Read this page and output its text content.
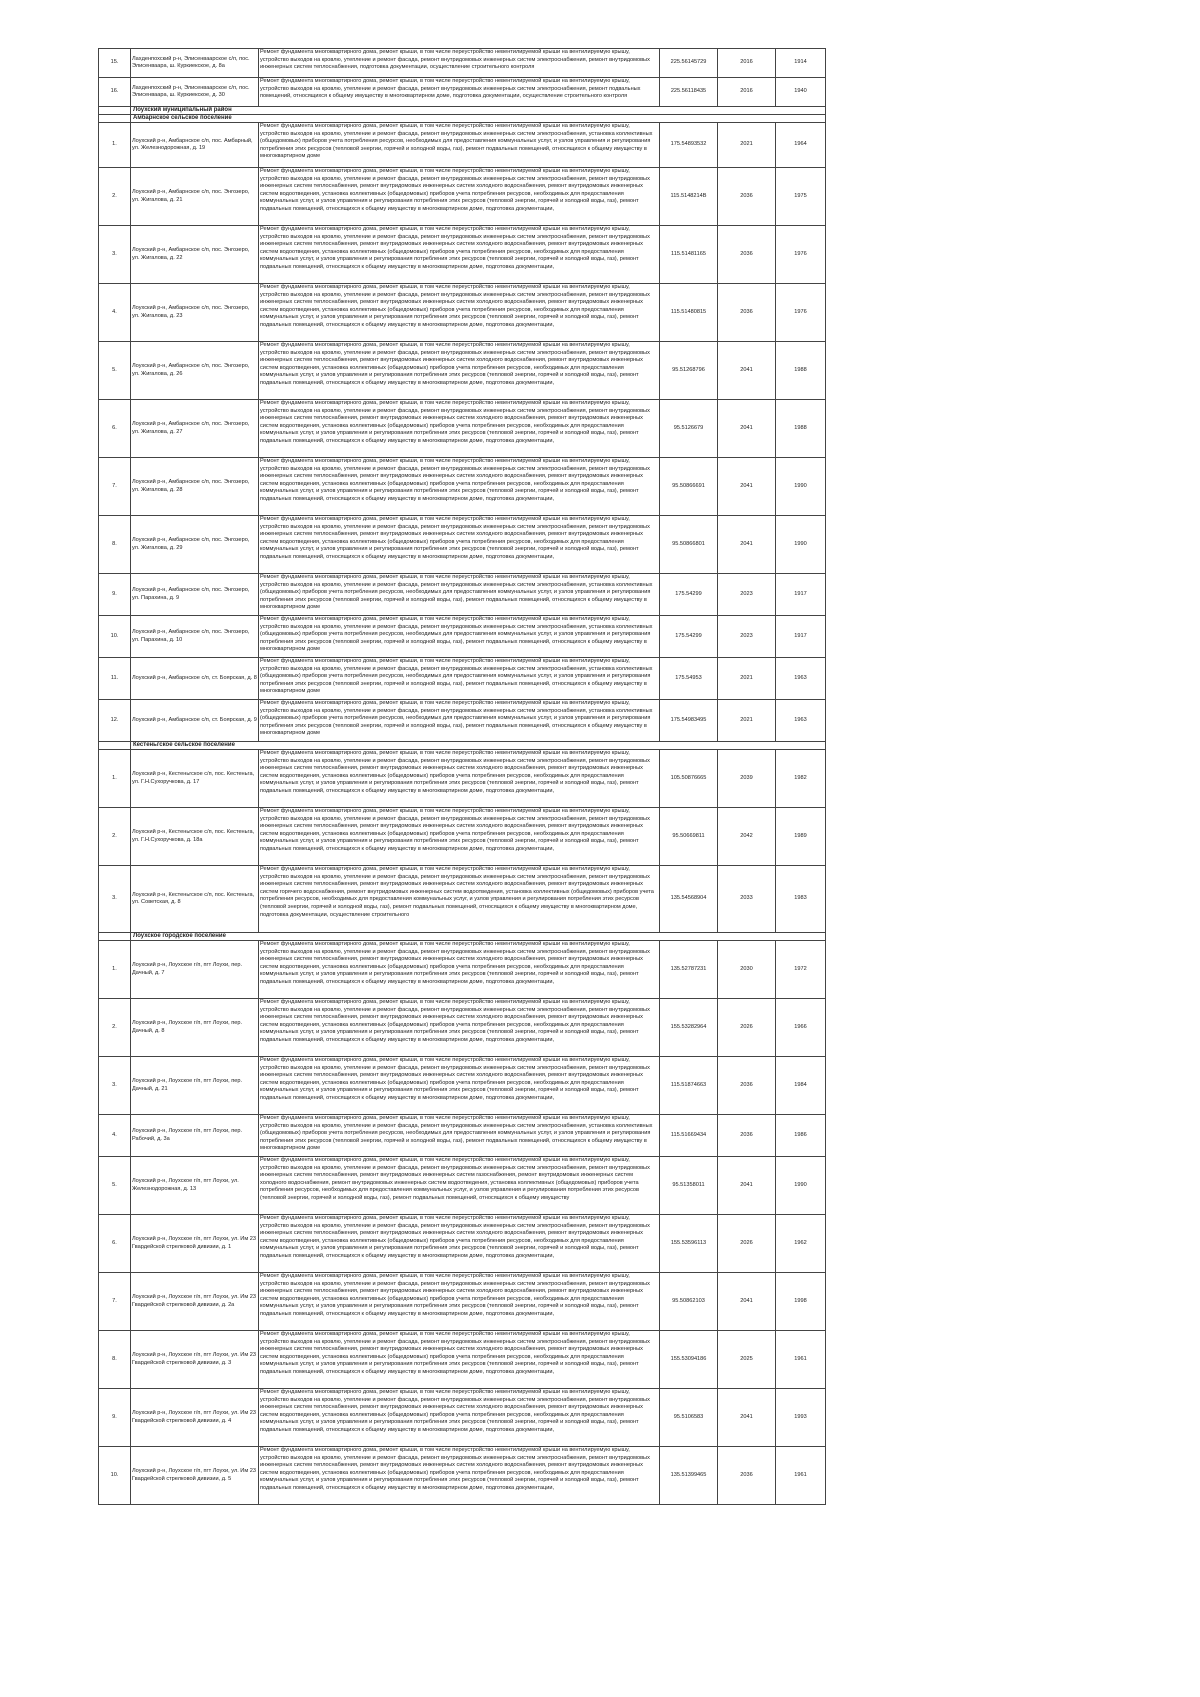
15.	Лахденпохский р-н, Элисенваарское с/п, пос. Элисенваара, ш. Куркиекское, д. 8а	Ремонт фундамента многоквартирного дома, ремонт крыши, в том числе переустройство невентилируемой крыши на вентилируемую крышу, устройство выходов на кровлю, утепление и ремонт фасада, ремонт внутридомовых инженерных систем электроснабжения, ремонт внутридомовых инженерных систем теплоснабжения, подготовка документации, осуществление строительного контроля	225.56145729	2016	1914
16.	Лахденпохский р-н, Элисенваарское с/п, пос. Элисенваара, ш. Куркиекское, д. 30	Ремонт фундамента многоквартирного дома, ремонт крыши, в том числе переустройство невентилируемой крыши на вентилируемую крышу, устройство выходов на кровлю, утепление и ремонт фасада, ремонт внутридомовых инженерных систем электроснабжения, ремонт подвальных помещений, относящихся к общему имуществу в многоквартирном доме, подготовка документации, осуществление строительного контроля	225.56118435	2016	1940
	Лоухский муниципальный район				
	Амбарнское сельское поселение				
1.	Лоухский р-н, Амбарнское с/п, пос. Амбарный, ул. Железнодорожная, д. 19	Ремонт фундамента многоквартирного дома, ремонт крыши, в том числе переустройство невентилируемой крыши на вентилируемую крышу, устройство выходов на кровлю, утепление и ремонт фасада, ремонт внутридомовых инженерных систем электроснабжения, установка коллективных (общедомовых) приборов учета потребления ресурсов, необходимых для предоставления коммунальных услуг, и узлов управления и регулирования потребления этих ресурсов (тепловой энергии, горячей и холодной воды, газ), ремонт подвальных помещений, относящихся к общему имуществу в многоквартирном доме	175.54893532	2021	1964
2.	Лоухский р-н, Амбарнское с/п, пос. Энгозеро, ул. Жигалова, д. 21	Ремонт фундамента многоквартирного дома, ремонт крыши, в том числе переустройство невентилируемой крыши на вентилируемую крышу, устройство выходов на кровлю, утепление и ремонт фасада, ремонт внутридомовых инженерных систем электроснабжения, ремонт внутридомовых инженерных систем теплоснабжения, ремонт внутридомовых инженерных систем холодного водоснабжения, ремонт внутридомовых инженерных систем водоотведения, установка коллективных (общедомовых) приборов учета потребления ресурсов, необходимых для предоставления коммунальных услуг, и узлов управления и регулирования потребления этих ресурсов (тепловой энергии, горячей и холодной воды, газ), ремонт подвальных помещений, относящихся к общему имуществу в многоквартирном доме, подготовка документации,	115.5148214В	2036	1975
3.	Лоухский р-н, Амбарнское с/п, пос. Энгозеро, ул. Жигалова, д. 22	Ремонт фундамента многоквартирного дома, ремонт крыши, в том числе переустройство невентилируемой крыши на вентилируемую крышу, устройство выходов на кровлю, утепление и ремонт фасада, ремонт внутридомовых инженерных систем электроснабжения, ремонт внутридомовых инженерных систем теплоснабжения, ремонт внутридомовых инженерных систем холодного водоснабжения, ремонт внутридомовых инженерных систем водоотведения, установка коллективных (общедомовых) приборов учета потребления ресурсов, необходимых для предоставления коммунальных услуг, и узлов управления и регулирования потребления этих ресурсов (тепловой энергии, горячей и холодной воды, газ), ремонт подвальных помещений, относящихся к общему имуществу в многоквартирном доме, подготовка документации,	115.51481165	2036	1976
4.	Лоухский р-н, Амбарнское с/п, пос. Энгозеро, ул. Жигалова, д. 23	Ремонт фундамента многоквартирного дома, ремонт крыши, в том числе переустройство невентилируемой крыши на вентилируемую крышу, устройство выходов на кровлю, утепление и ремонт фасада, ремонт внутридомовых инженерных систем электроснабжения, ремонт внутридомовых инженерных систем теплоснабжения, ремонт внутридомовых инженерных систем холодного водоснабжения, ремонт внутридомовых инженерных систем водоотведения, установка коллективных (общедомовых) приборов учета потребления ресурсов, необходимых для предоставления коммунальных услуг, и узлов управления и регулирования потребления этих ресурсов (тепловой энергии, горячей и холодной воды, газ), ремонт подвальных помещений, относящихся к общему имуществу в многоквартирном доме, подготовка документации,	115.51480815	2036	1976
5.	Лоухский р-н, Амбарнское с/п, пос. Энгозеро, ул. Жигалова, д. 26	Ремонт фундамента многоквартирного дома, ремонт крыши, в том числе переустройство невентилируемой крыши на вентилируемую крышу, устройство выходов на кровлю, утепление и ремонт фасада, ремонт внутридомовых инженерных систем электроснабжения, ремонт внутридомовых инженерных систем теплоснабжения, ремонт внутридомовых инженерных систем холодного водоснабжения, ремонт внутридомовых инженерных систем водоотведения, установка коллективных (общедомовых) приборов учета потребления ресурсов, необходимых для предоставления коммунальных услуг, и узлов управления и регулирования потребления этих ресурсов (тепловой энергии, горячей и холодной воды, газ), ремонт подвальных помещений, относящихся к общему имуществу в многоквартирном доме, подготовка документации,	95.51268796	2041	1988
6.	Лоухский р-н, Амбарнское с/п, пос. Энгозеро, ул. Жигалова, д. 27	Ремонт фундамента многоквартирного дома, ремонт крыши, в том числе переустройство невентилируемой крыши на вентилируемую крышу, устройство выходов на кровлю, утепление и ремонт фасада, ремонт внутридомовых инженерных систем электроснабжения, ремонт внутридомовых инженерных систем теплоснабжения, ремонт внутридомовых инженерных систем холодного водоснабжения, ремонт внутридомовых инженерных систем водоотведения, установка коллективных (общедомовых) приборов учета потребления ресурсов, необходимых для предоставления коммунальных услуг, и узлов управления и регулирования потребления этих ресурсов (тепловой энергии, горячей и холодной воды, газ), ремонт подвальных помещений, относящихся к общему имуществу в многоквартирном доме, подготовка документации,	95.5126679	2041	1988
7.	Лоухский р-н, Амбарнское с/п, пос. Энгозеро, ул. Жигалова, д. 28	Ремонт фундамента многоквартирного дома, ремонт крыши, в том числе переустройство невентилируемой крыши на вентилируемую крышу, устройство выходов на кровлю, утепление и ремонт фасада, ремонт внутридомовых инженерных систем электроснабжения, ремонт внутридомовых инженерных систем теплоснабжения, ремонт внутридомовых инженерных систем холодного водоснабжения, ремонт внутридомовых инженерных систем водоотведения, установка коллективных (общедомовых) приборов учета потребления ресурсов, необходимых для предоставления коммунальных услуг, и узлов управления и регулирования потребления этих ресурсов (тепловой энергии, горячей и холодной воды, газ), ремонт подвальных помещений, относящихся к общему имуществу в многоквартирном доме, подготовка документации,	95.50866691	2041	1990
8.	Лоухский р-н, Амбарнское с/п, пос. Энгозеро, ул. Жигалова, д. 29	Ремонт фундамента многоквартирного дома, ремонт крыши, в том числе переустройство невентилируемой крыши на вентилируемую крышу, устройство выходов на кровлю, утепление и ремонт фасада, ремонт внутридомовых инженерных систем электроснабжения, ремонт внутридомовых инженерных систем теплоснабжения, ремонт внутридомовых инженерных систем холодного водоснабжения, ремонт внутридомовых инженерных систем водоотведения, установка коллективных (общедомовых) приборов учета потребления ресурсов, необходимых для предоставления коммунальных услуг, и узлов управления и регулирования потребления этих ресурсов (тепловой энергии, горячей и холодной воды, газ), ремонт подвальных помещений, относящихся к общему имуществу в многоквартирном доме, подготовка документации,	95.50866801	2041	1990
9.	Лоухский р-н, Амбарнское с/п, пос. Энгозеро, ул. Парахина, д. 9	Ремонт фундамента многоквартирного дома, ремонт крыши, в том числе переустройство невентилируемой крыши на вентилируемую крышу, устройство выходов на кровлю, утепление и ремонт фасада, ремонт внутридомовых инженерных систем электроснабжения, установка коллективных (общедомовых) приборов учета потребления ресурсов, необходимых для предоставления коммунальных услуг, и узлов управления и регулирования потребления этих ресурсов (тепловой энергии, горячей и холодной воды, газ), ремонт подвальных помещений, относящихся к общему имуществу в многоквартирном доме	175.54299	2023	1917
10.	Лоухский р-н, Амбарнское с/п, пос. Энгозеро, ул. Парахина, д. 10	Ремонт фундамента многоквартирного дома, ремонт крыши, в том числе переустройство невентилируемой крыши на вентилируемую крышу, устройство выходов на кровлю, утепление и ремонт фасада, ремонт внутридомовых инженерных систем электроснабжения, установка коллективных (общедомовых) приборов учета потребления ресурсов, необходимых для предоставления коммунальных услуг, и узлов управления и регулирования потребления этих ресурсов (тепловой энергии, горячей и холодной воды, газ), ремонт подвальных помещений, относящихся к общему имуществу в многоквартирном доме	175.54299	2023	1917
11.	Лоухский р-н, Амбарнское с/п, ст. Боярская, д. 8	Ремонт фундамента многоквартирного дома, ремонт крыши, в том числе переустройство невентилируемой крыши на вентилируемую крышу, устройство выходов на кровлю, утепление и ремонт фасада, ремонт внутридомовых инженерных систем электроснабжения, установка коллективных (общедомовых) приборов учета потребления ресурсов, необходимых для предоставления коммунальных услуг, и узлов управления и регулирования потребления этих ресурсов (тепловой энергии, горячей и холодной воды, газ), ремонт подвальных помещений, относящихся к общему имуществу в многоквартирном доме	175.54953	2021	1963
12.	Лоухский р-н, Амбарнское с/п, ст. Боярская, д. 9	Ремонт фундамента многоквартирного дома, ремонт крыши, в том числе переустройство невентилируемой крыши на вентилируемую крышу, устройство выходов на кровлю, утепление и ремонт фасада, ремонт внутридомовых инженерных систем электроснабжения, установка коллективных (общедомовых) приборов учета потребления ресурсов, необходимых для предоставления коммунальных услуг, и узлов управления и регулирования потребления этих ресурсов (тепловой энергии, горячей и холодной воды, газ), ремонт подвальных помещений, относящихся к общему имуществу в многоквартирном доме	175.54983495	2021	1963
	Кестеньгское сельское поселение				
1.	Лоухский р-н, Кестеньгское с/п, пос. Кестеньга, ул. Г.Н.Сухоручкова, д. 17	Ремонт фундамента многоквартирного дома, ремонт крыши, в том числе переустройство невентилируемой крыши на вентилируемую крышу, устройство выходов на кровлю, утепление и ремонт фасада, ремонт внутридомовых инженерных систем электроснабжения, ремонт внутридомовых инженерных систем теплоснабжения, ремонт внутридомовых инженерных систем холодного водоснабжения, ремонт внутридомовых инженерных систем водоотведения, установка коллективных (общедомовых) приборов учета потребления ресурсов, необходимых для предоставления коммунальных услуг, и узлов управления и регулирования потребления этих ресурсов (тепловой энергии, горячей и холодной воды, газ), ремонт подвальных помещений, относящихся к общему имуществу в многоквартирном доме, подготовка документации,	105.50876665	2039	1982
2.	Лоухский р-н, Кестеньгское с/п, пос. Кестеньга, ул. Г.Н.Сухоручкова, д. 18а	Ремонт фундамента многоквартирного дома, ремонт крыши, в том числе переустройство невентилируемой крыши на вентилируемую крышу, устройство выходов на кровлю, утепление и ремонт фасада, ремонт внутридомовых инженерных систем электроснабжения, ремонт внутридомовых инженерных систем теплоснабжения, ремонт внутридомовых инженерных систем холодного водоснабжения, ремонт внутридомовых инженерных систем водоотведения, установка коллективных (общедомовых) приборов учета потребления ресурсов, необходимых для предоставления коммунальных услуг, и узлов управления и регулирования потребления этих ресурсов (тепловой энергии, горячей и холодной воды, газ), ремонт подвальных помещений, относящихся к общему имуществу в многоквартирном доме, подготовка документации,	95.50669811	2042	1989
3.	Лоухский р-н, Кестеньгское с/п, пос. Кестеньга, ул. Советская, д. 8	Ремонт фундамента многоквартирного дома, ремонт крыши, в том числе переустройство невентилируемой крыши на вентилируемую крышу, устройство выходов на кровлю, утепление и ремонт фасада, ремонт внутридомовых инженерных систем электроснабжения, ремонт внутридомовых инженерных систем теплоснабжения, ремонт внутридомовых инженерных систем холодного водоснабжения, ремонт внутридомовых инженерных систем горячего водоснабжения, ремонт внутридомовых инженерных систем водоотведения, установка коллективных (общедомовых) приборов учета потребления ресурсов, необходимых для предоставления коммунальных услуг, и узлов управления и регулирования потребления этих ресурсов (тепловой энергии, горячей и холодной воды, газ), ремонт подвальных помещений, относящихся к общему имуществу в многоквартирном доме, подготовка документации, осуществление строительного	135.54568904	2033	1983
	Лоухское городское поселение				
1.	Лоухский р-н, Лоухское г/п, пгт Лоухи, пер. Дачный, д. 7	Ремонт фундамента многоквартирного дома, ремонт крыши, в том числе переустройство невентилируемой крыши на вентилируемую крышу, устройство выходов на кровлю, утепление и ремонт фасада, ремонт внутридомовых инженерных систем электроснабжения, ремонт внутридомовых инженерных систем теплоснабжения, ремонт внутридомовых инженерных систем холодного водоснабжения, ремонт внутридомовых инженерных систем водоотведения, установка коллективных (общедомовых) приборов учета потребления ресурсов, необходимых для предоставления коммунальных услуг, и узлов управления и регулирования потребления этих ресурсов (тепловой энергии, горячей и холодной воды, газ), ремонт подвальных помещений, относящихся к общему имуществу в многоквартирном доме, подготовка документации,	135.52787231	2030	1972
2.	Лоухский р-н, Лоухское г/п, пгт Лоухи, пер. Дачный, д. 8	Ремонт фундамента многоквартирного дома, ремонт крыши, в том числе переустройство невентилируемой крыши на вентилируемую крышу, устройство выходов на кровлю, утепление и ремонт фасада, ремонт внутридомовых инженерных систем электроснабжения, ремонт внутридомовых инженерных систем теплоснабжения, ремонт внутридомовых инженерных систем холодного водоснабжения, ремонт внутридомовых инженерных систем водоотведения, установка коллективных (общедомовых) приборов учета потребления ресурсов, необходимых для предоставления коммунальных услуг, и узлов управления и регулирования потребления этих ресурсов (тепловой энергии, горячей и холодной воды, газ), ремонт подвальных помещений, относящихся к общему имуществу в многоквартирном доме, подготовка документации,	155.53282964	2026	1966
3.	Лоухский р-н, Лоухское г/п, пгт Лоухи, пер. Дачный, д. 21	Ремонт фундамента многоквартирного дома, ремонт крыши, в том числе переустройство невентилируемой крыши на вентилируемую крышу, устройство выходов на кровлю, утепление и ремонт фасада, ремонт внутридомовых инженерных систем электроснабжения, ремонт внутридомовых инженерных систем теплоснабжения, ремонт внутридомовых инженерных систем холодного водоснабжения, ремонт внутридомовых инженерных систем водоотведения, установка коллективных (общедомовых) приборов учета потребления ресурсов, необходимых для предоставления коммунальных услуг, и узлов управления и регулирования потребления этих ресурсов (тепловой энергии, горячей и холодной воды, газ), ремонт подвальных помещений, относящихся к общему имуществу в многоквартирном доме, подготовка документации,	115.51874663	2036	1984
4.	Лоухский р-н, Лоухское г/п, пгт Лоухи, пер. Рабочий, д. 3а	Ремонт фундамента многоквартирного дома, ремонт крыши, в том числе переустройство невентилируемой крыши на вентилируемую крышу, устройство выходов на кровлю, утепление и ремонт фасада, ремонт внутридомовых инженерных систем электроснабжения, установка коллективных (общедомовых) приборов учета потребления ресурсов, необходимых для предоставления коммунальных услуг, и узлов управления и регулирования потребления этих ресурсов (тепловой энергии, горячей и холодной воды, газ), ремонт подвальных помещений, относящихся к общему имуществу в многоквартирном доме	115.51669434	2036	1986
5.	Лоухский р-н, Лоухское г/п, пгт Лоухи, ул. Железнодорожная, д. 13	Ремонт фундамента многоквартирного дома, ремонт крыши, в том числе переустройство невентилируемой крыши на вентилируемую крышу, устройство выходов на кровлю, утепление и ремонт фасада, ремонт внутридомовых инженерных систем электроснабжения, ремонт внутридомовых инженерных систем теплоснабжения, ремонт внутридомовых инженерных систем газоснабжения, ремонт внутридомовых инженерных систем холодного водоснабжения, ремонт внутридомовых инженерных систем водоотведения, установка коллективных (общедомовых) приборов учета потребления ресурсов, необходимых для предоставления коммунальных услуг, и узлов управления и регулирования потребления этих ресурсов (тепловой энергии, горячей и холодной воды, газ), ремонт подвальных помещений, относящихся к общему имуществу	95.51358011	2041	1990
6.	Лоухский р-н, Лоухское г/п, пгт Лоухи, ул. Им 23 Гвардейской стрелковой дивизии, д. 1	Ремонт фундамента многоквартирного дома, ремонт крыши, в том числе переустройство невентилируемой крыши на вентилируемую крышу, устройство выходов на кровлю, утепление и ремонт фасада, ремонт внутридомовых инженерных систем электроснабжения, ремонт внутридомовых инженерных систем теплоснабжения, ремонт внутридомовых инженерных систем холодного водоснабжения, ремонт внутридомовых инженерных систем водоотведения, установка коллективных (общедомовых) приборов учета потребления ресурсов, необходимых для предоставления коммунальных услуг, и узлов управления и регулирования потребления этих ресурсов (тепловой энергии, горячей и холодной воды, газ), ремонт подвальных помещений, относящихся к общему имуществу в многоквартирном доме, подготовка документации,	155.53596113	2026	1962
7.	Лоухский р-н, Лоухское г/п, пгт Лоухи, ул. Им 23 Гвардейской стрелковой дивизии, д. 2а	Ремонт фундамента многоквартирного дома, ремонт крыши, в том числе переустройство невентилируемой крыши на вентилируемую крышу, устройство выходов на кровлю, утепление и ремонт фасада, ремонт внутридомовых инженерных систем электроснабжения, ремонт внутридомовых инженерных систем теплоснабжения, ремонт внутридомовых инженерных систем холодного водоснабжения, ремонт внутридомовых инженерных систем водоотведения, установка коллективных (общедомовых) приборов учета потребления ресурсов, необходимых для предоставления коммунальных услуг, и узлов управления и регулирования потребления этих ресурсов (тепловой энергии, горячей и холодной воды, газ), ремонт подвальных помещений, относящихся к общему имуществу в многоквартирном доме, подготовка документации,	95.50862103	2041	1998
8.	Лоухский р-н, Лоухское г/п, пгт Лоухи, ул. Им 23 Гвардейской стрелковой дивизии, д. 3	Ремонт фундамента многоквартирного дома, ремонт крыши, в том числе переустройство невентилируемой крыши на вентилируемую крышу, устройство выходов на кровлю, утепление и ремонт фасада, ремонт внутридомовых инженерных систем электроснабжения, ремонт внутридомовых инженерных систем теплоснабжения, ремонт внутридомовых инженерных систем холодного водоснабжения, ремонт внутридомовых инженерных систем водоотведения, установка коллективных (общедомовых) приборов учета потребления ресурсов, необходимых для предоставления коммунальных услуг, и узлов управления и регулирования потребления этих ресурсов (тепловой энергии, горячей и холодной воды, газ), ремонт подвальных помещений, относящихся к общему имуществу в многоквартирном доме, подготовка документации,	155.53094186	2025	1961
9.	Лоухский р-н, Лоухское г/п, пгт Лоухи, ул. Им 23 Гвардейской стрелковой дивизии, д. 4	Ремонт фундамента многоквартирного дома, ремонт крыши, в том числе переустройство невентилируемой крыши на вентилируемую крышу, устройство выходов на кровлю, утепление и ремонт фасада, ремонт внутридомовых инженерных систем электроснабжения, ремонт внутридомовых инженерных систем теплоснабжения, ремонт внутридомовых инженерных систем холодного водоснабжения, ремонт внутридомовых инженерных систем водоотведения, установка коллективных (общедомовых) приборов учета потребления ресурсов, необходимых для предоставления коммунальных услуг, и узлов управления и регулирования потребления этих ресурсов (тепловой энергии, горячей и холодной воды, газ), ремонт подвальных помещений, относящихся к общему имуществу в многоквартирном доме, подготовка документации,	95.5106583	2041	1993
10.	Лоухский р-н, Лоухское г/п, пгт Лоухи, ул. Им 23 Гвардейской стрелковой дивизии, д. 5	Ремонт фундамента многоквартирного дома, ремонт крыши, в том числе переустройство невентилируемой крыши на вентилируемую крышу, устройство выходов на кровлю, утепление и ремонт фасада, ремонт внутридомовых инженерных систем электроснабжения, ремонт внутридомовых инженерных систем теплоснабжения, ремонт внутридомовых инженерных систем холодного водоснабжения, ремонт внутридомовых инженерных систем водоотведения, установка коллективных (общедомовых) приборов учета потребления ресурсов, необходимых для предоставления коммунальных услуг, и узлов управления и регулирования потребления этих ресурсов (тепловой энергии, горячей и холодной воды, газ), ремонт подвальных помещений, относящихся к общему имуществу в многоквартирном доме, подготовка документации,	135.51399465	2036	1961
